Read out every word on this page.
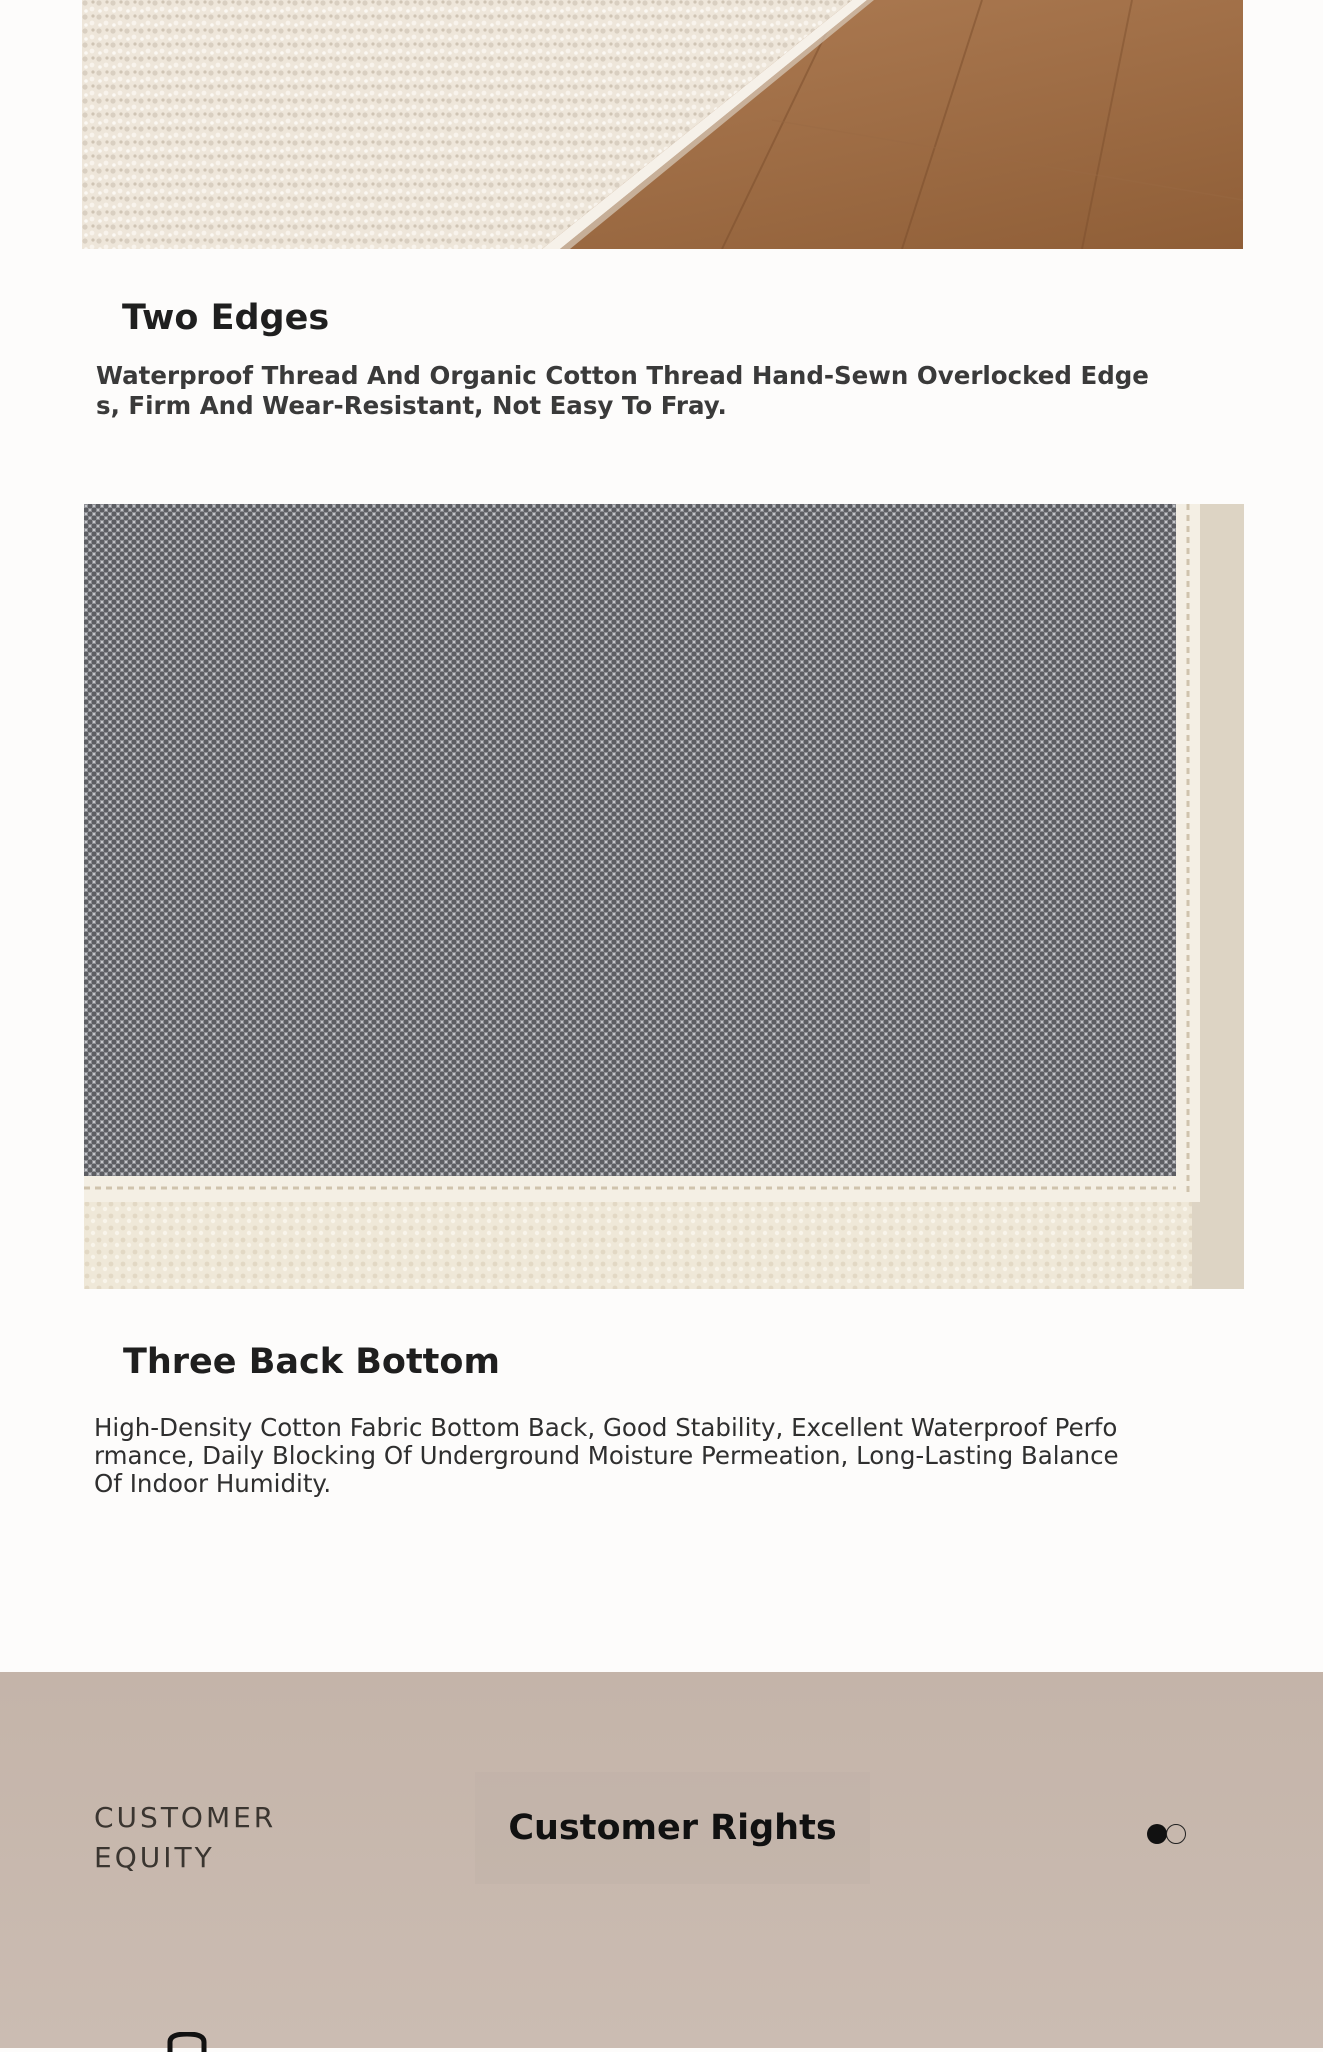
Two Edges

Waterproof Thread And Organic Cotton Thread Hand-Sewn Overlocked Edges, Firm And Wear-Resistant, Not Easy To Fray.

Three Back Bottom

High-Density Cotton Fabric Bottom Back, Good Stability, Excellent Waterproof Performance, Daily Blocking Of Underground Moisture Permeation, Long-Lasting Balance Of Indoor Humidity.

CUSTOMER EQUITY

Customer Rights
